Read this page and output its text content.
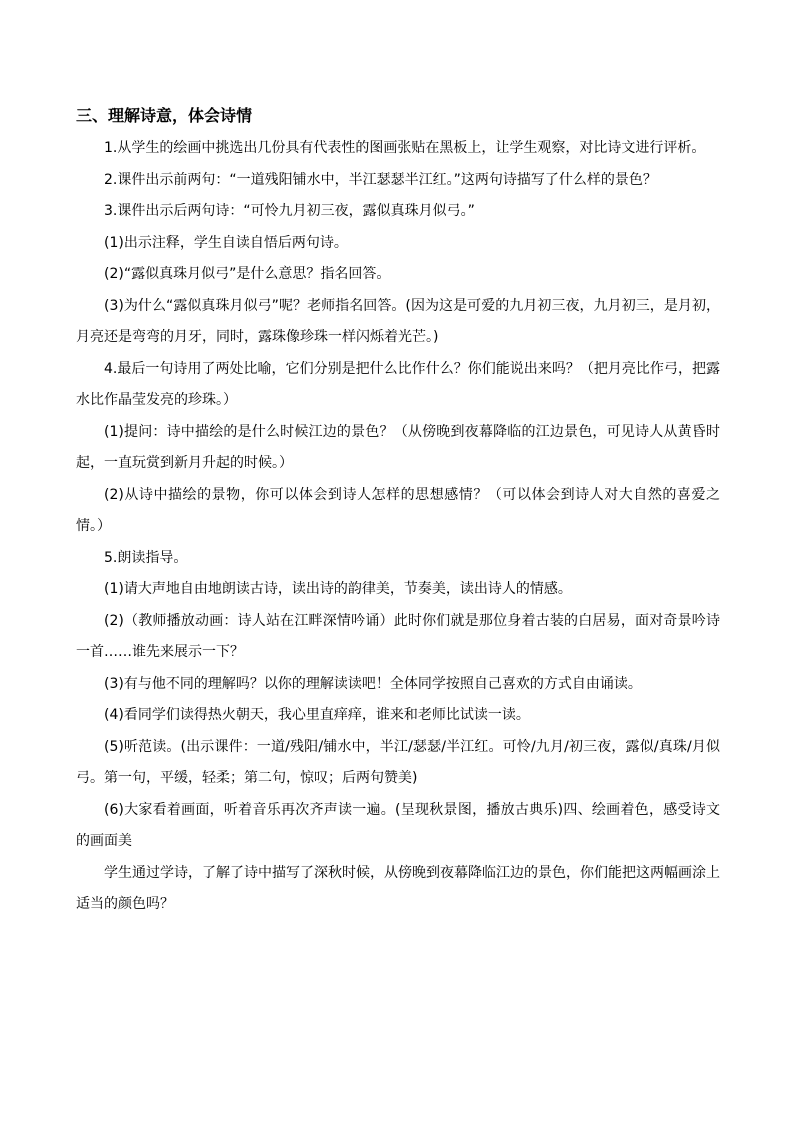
三、理解诗意，体会诗情

1.从学生的绘画中挑选出几份具有代表性的图画张贴在黑板上，让学生观察，对比诗文进行评析。

2.课件出示前两句：“一道残阳铺水中，半江瑟瑟半江红。”这两句诗描写了什么样的景色？

3.课件出示后两句诗：“可怜九月初三夜，露似真珠月似弓。”

(1)出示注释，学生自读自悟后两句诗。

(2)“露似真珠月似弓”是什么意思？指名回答。

(3)为什么“露似真珠月似弓”呢？老师指名回答。(因为这是可爱的九月初三夜，九月初三，是月初，月亮还是弯弯的月牙，同时，露珠像珍珠一样闪烁着光芒。)

4.最后一句诗用了两处比喻，它们分别是把什么比作什么？你们能说出来吗？（把月亮比作弓，把露水比作晶莹发亮的珍珠。）

(1)提问：诗中描绘的是什么时候江边的景色？（从傍晚到夜幕降临的江边景色，可见诗人从黄昏时起，一直玩赏到新月升起的时候。）

(2)从诗中描绘的景物，你可以体会到诗人怎样的思想感情？（可以体会到诗人对大自然的喜爱之情。）

5.朗读指导。

(1)请大声地自由地朗读古诗，读出诗的韵律美，节奏美，读出诗人的情感。

(2)（教师播放动画：诗人站在江畔深情吟诵）此时你们就是那位身着古装的白居易，面对奇景吟诗一首……谁先来展示一下？

(3)有与他不同的理解吗？以你的理解读读吧！全体同学按照自己喜欢的方式自由诵读。

(4)看同学们读得热火朝天，我心里直痒痒，谁来和老师比试读一读。

(5)听范读。(出示课件：一道/残阳/铺水中，半江/瑟瑟/半江红。可怜/九月/初三夜，露似/真珠/月似弓。第一句，平缓，轻柔；第二句，惊叹；后两句赞美)

(6)大家看着画面，听着音乐再次齐声读一遍。(呈现秋景图，播放古典乐)四、绘画着色，感受诗文的画面美

学生通过学诗，了解了诗中描写了深秋时候，从傍晚到夜幕降临江边的景色，你们能把这两幅画涂上适当的颜色吗？
